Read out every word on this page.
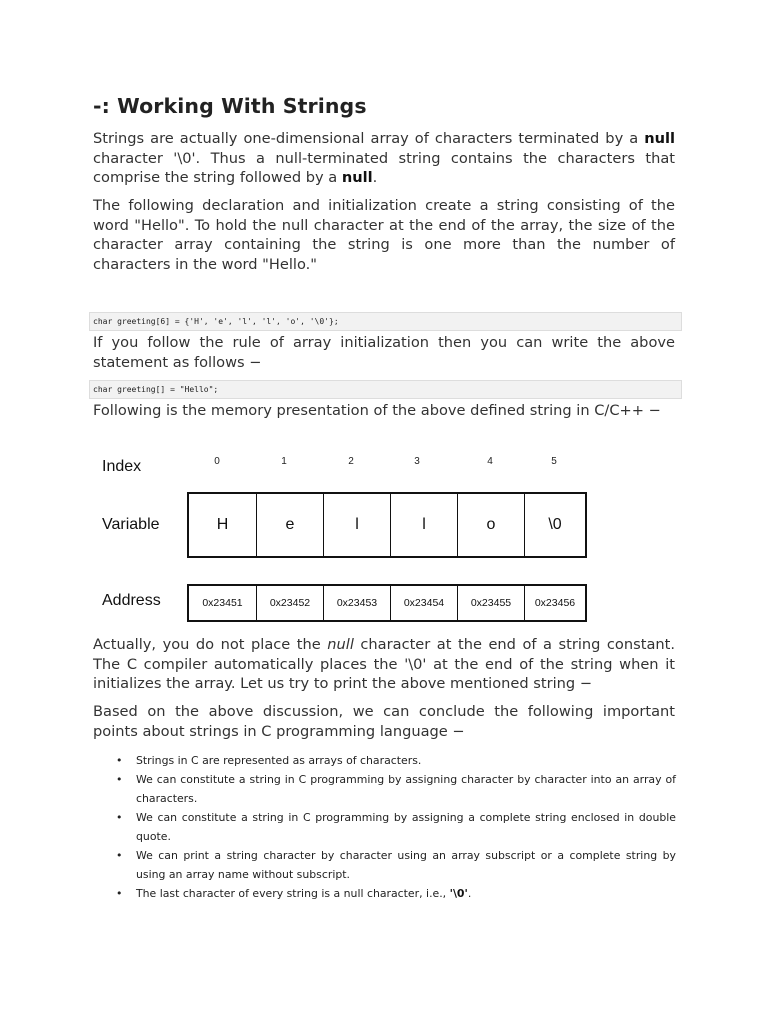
-: Working With Strings

Strings are actually one-dimensional array of characters terminated by a null character '\0'. Thus a null-terminated string contains the characters that comprise the string followed by a null.

The following declaration and initialization create a string consisting of the word "Hello". To hold the null character at the end of the array, the size of the character array containing the string is one more than the number of characters in the word "Hello."

char greeting[6] = {'H', 'e', 'l', 'l', 'o', '\0'};

If you follow the rule of array initialization then you can write the above statement as follows −

char greeting[] = "Hello";

Following is the memory presentation of the above defined string in C/C++ −

Index	0	1	2	3	4	5
Variable	H	e	l	l	o	\0
Address	0x23451	0x23452	0x23453	0x23454	0x23455	0x23456

Actually, you do not place the null character at the end of a string constant. The C compiler automatically places the '\0' at the end of the string when it initializes the array. Let us try to print the above mentioned string −

Based on the above discussion, we can conclude the following important points about strings in C programming language −

• Strings in C are represented as arrays of characters.
• We can constitute a string in C programming by assigning character by character into an array of characters.
• We can constitute a string in C programming by assigning a complete string enclosed in double quote.
• We can print a string character by character using an array subscript or a complete string by using an array name without subscript.
• The last character of every string is a null character, i.e., '\0'.
